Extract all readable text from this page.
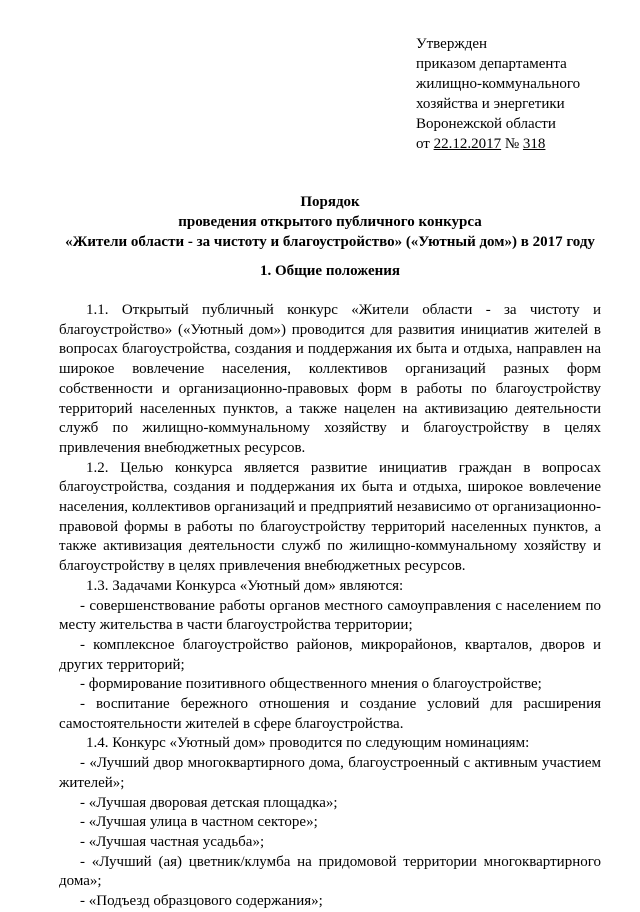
Утвержден
приказом департамента
жилищно-коммунального
хозяйства и энергетики
Воронежской области
от 22.12.2017 № 318
Порядок
проведения открытого публичного конкурса
«Жители области - за чистоту и благоустройство» («Уютный дом») в 2017 году
1. Общие положения

1.1. Открытый публичный конкурс «Жители области - за чистоту и благоустройство» («Уютный дом») проводится для развития инициатив жителей в вопросах благоустройства, создания и поддержания их быта и отдыха, направлен на широкое вовлечение населения, коллективов организаций разных форм собственности и организационно-правовых форм в работы по благоустройству территорий населенных пунктов, а также нацелен на активизацию деятельности служб по жилищно-коммунальному хозяйству и благоустройству в целях привлечения внебюджетных ресурсов.

1.2. Целью конкурса является развитие инициатив граждан в вопросах благоустройства, создания и поддержания их быта и отдыха, широкое вовлечение населения, коллективов организаций и предприятий независимо от организационно-правовой формы в работы по благоустройству территорий населенных пунктов, а также активизация деятельности служб по жилищно-коммунальному хозяйству и благоустройству в целях привлечения внебюджетных ресурсов.

1.3. Задачами Конкурса «Уютный дом» являются:

- совершенствование работы органов местного самоуправления с населением по месту жительства в части благоустройства территории;

- комплексное благоустройство районов, микрорайонов, кварталов, дворов и других территорий;

- формирование позитивного общественного мнения о благоустройстве;

- воспитание бережного отношения и создание условий для расширения самостоятельности жителей в сфере благоустройства.

1.4. Конкурс «Уютный дом» проводится по следующим номинациям:

- «Лучший двор многоквартирного дома, благоустроенный с активным участием жителей»;

- «Лучшая дворовая детская площадка»;

- «Лучшая улица в частном секторе»;

- «Лучшая частная усадьба»;

- «Лучший (ая) цветник/клумба на придомовой территории многоквартирного дома»;

- «Подъезд образцового содержания»;
